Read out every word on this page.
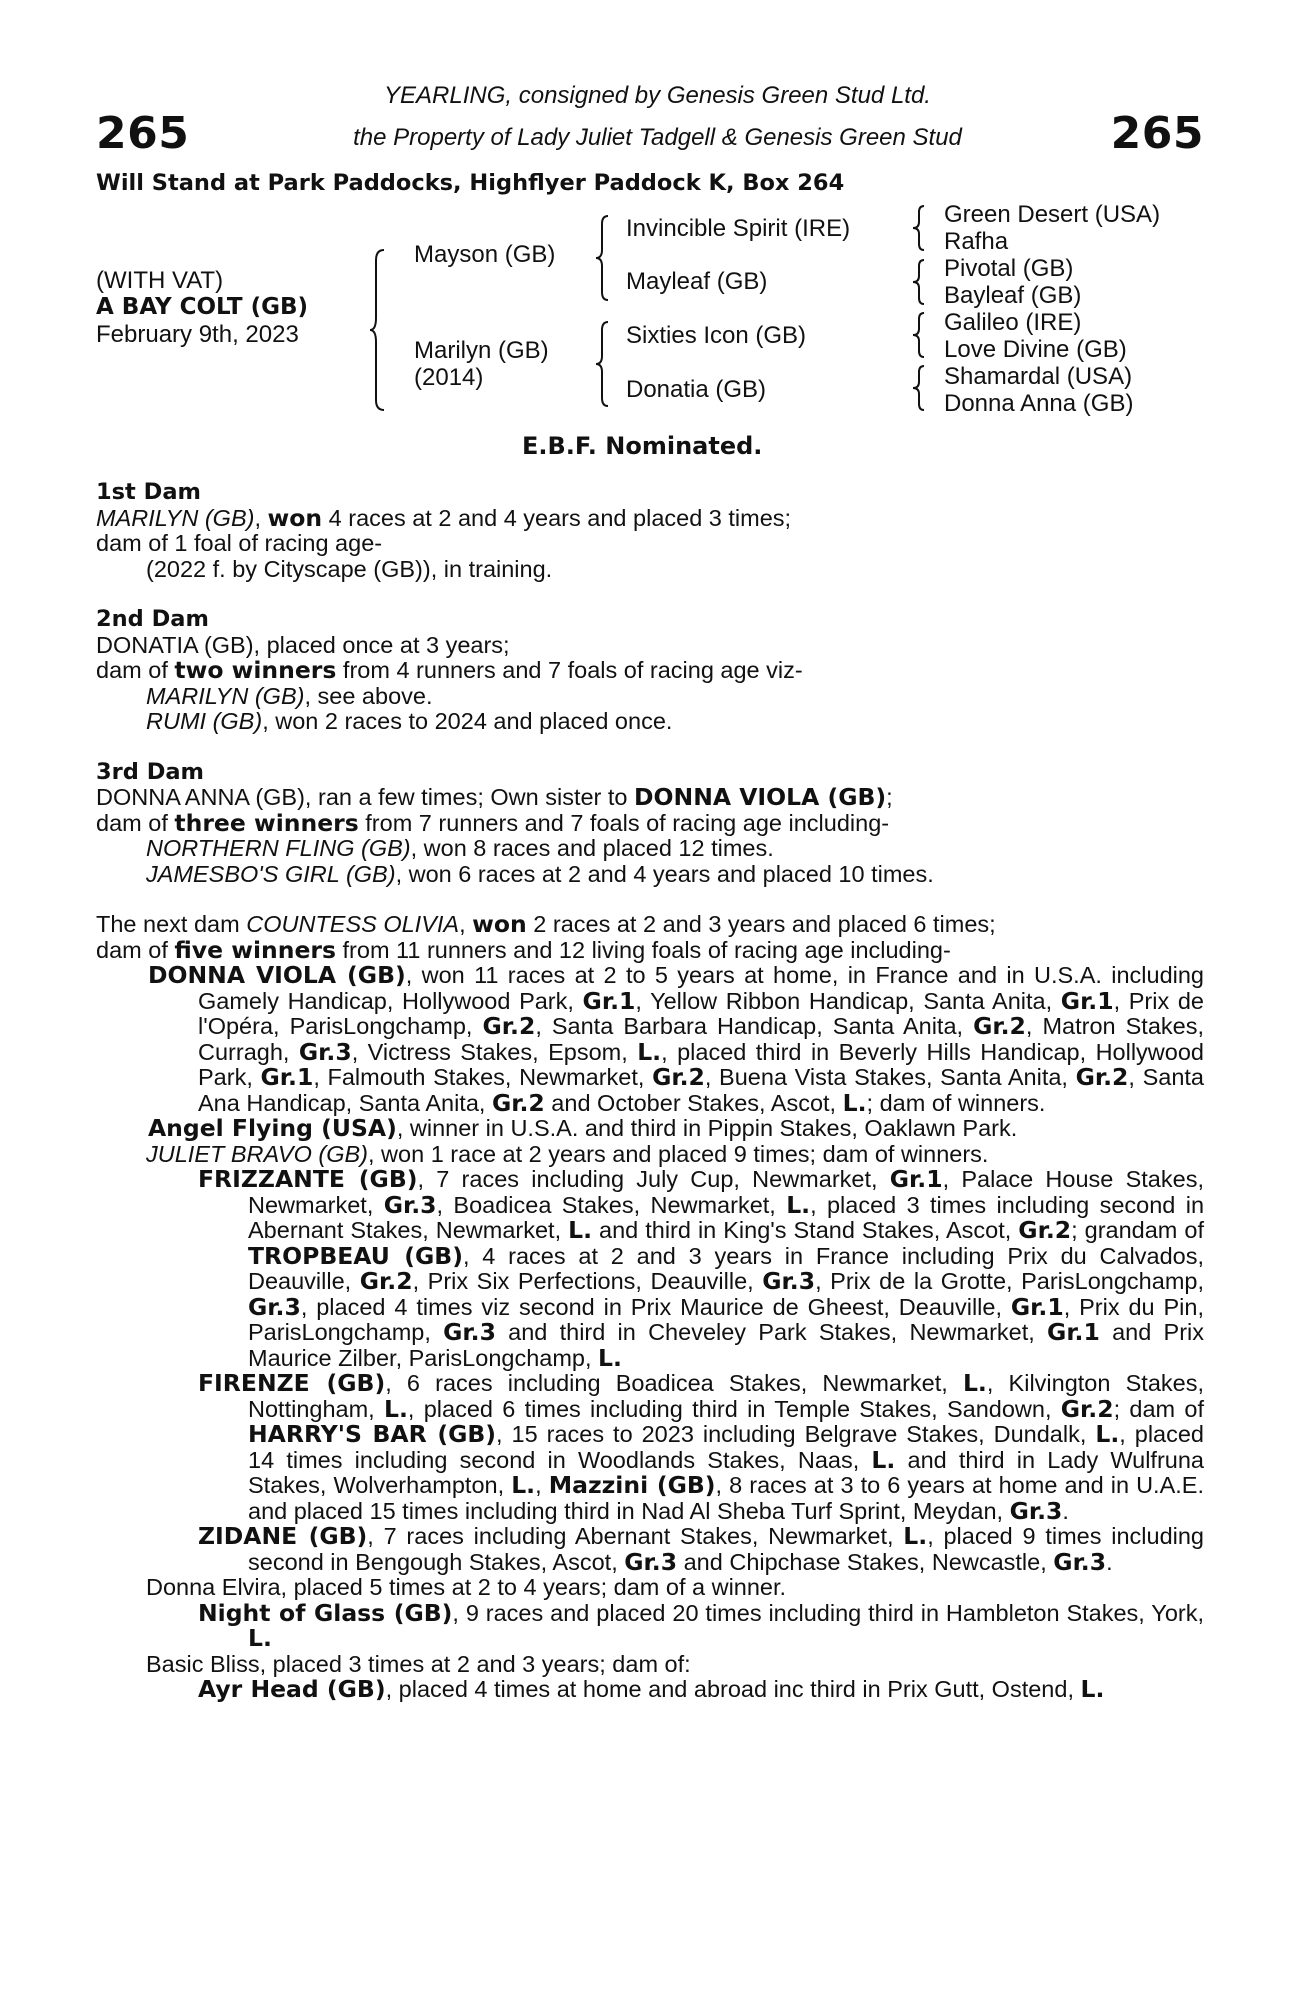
265	265
YEARLING, consigned by Genesis Green Stud Ltd.
the Property of Lady Juliet Tadgell & Genesis Green Stud
Will Stand at Park Paddocks, Highflyer Paddock K, Box 264
(WITH VAT)
A BAY COLT (GB)
February 9th, 2023
Mayson (GB)
Marilyn (GB)
(2014)
Invincible Spirit (IRE)
Mayleaf (GB)
Sixties Icon (GB)
Donatia (GB)
Green Desert (USA)
Rafha
Pivotal (GB)
Bayleaf (GB)
Galileo (IRE)
Love Divine (GB)
Shamardal (USA)
Donna Anna (GB)
E.B.F. Nominated.
1st Dam
MARILYN (GB), won 4 races at 2 and 4 years and placed 3 times;
dam of 1 foal of racing age-
(2022 f. by Cityscape (GB)), in training.
2nd Dam
DONATIA (GB), placed once at 3 years;
dam of two winners from 4 runners and 7 foals of racing age viz-
MARILYN (GB), see above.
RUMI (GB), won 2 races to 2024 and placed once.
3rd Dam
DONNA ANNA (GB), ran a few times; Own sister to DONNA VIOLA (GB);
dam of three winners from 7 runners and 7 foals of racing age including-
NORTHERN FLING (GB), won 8 races and placed 12 times.
JAMESBO'S GIRL (GB), won 6 races at 2 and 4 years and placed 10 times.
The next dam COUNTESS OLIVIA, won 2 races at 2 and 3 years and placed 6 times;
dam of five winners from 11 runners and 12 living foals of racing age including-
DONNA VIOLA (GB), won 11 races at 2 to 5 years at home, in France and in U.S.A. including Gamely Handicap, Hollywood Park, Gr.1, Yellow Ribbon Handicap, Santa Anita, Gr.1, Prix de l'Opéra, ParisLongchamp, Gr.2, Santa Barbara Handicap, Santa Anita, Gr.2, Matron Stakes, Curragh, Gr.3, Victress Stakes, Epsom, L., placed third in Beverly Hills Handicap, Hollywood Park, Gr.1, Falmouth Stakes, Newmarket, Gr.2, Buena Vista Stakes, Santa Anita, Gr.2, Santa Ana Handicap, Santa Anita, Gr.2 and October Stakes, Ascot, L.; dam of winners.
Angel Flying (USA), winner in U.S.A. and third in Pippin Stakes, Oaklawn Park.
JULIET BRAVO (GB), won 1 race at 2 years and placed 9 times; dam of winners.
FRIZZANTE (GB), 7 races including July Cup, Newmarket, Gr.1, Palace House Stakes, Newmarket, Gr.3, Boadicea Stakes, Newmarket, L., placed 3 times including second in Abernant Stakes, Newmarket, L. and third in King's Stand Stakes, Ascot, Gr.2; grandam of TROPBEAU (GB), 4 races at 2 and 3 years in France including Prix du Calvados, Deauville, Gr.2, Prix Six Perfections, Deauville, Gr.3, Prix de la Grotte, ParisLongchamp, Gr.3, placed 4 times viz second in Prix Maurice de Gheest, Deauville, Gr.1, Prix du Pin, ParisLongchamp, Gr.3 and third in Cheveley Park Stakes, Newmarket, Gr.1 and Prix Maurice Zilber, ParisLongchamp, L.
FIRENZE (GB), 6 races including Boadicea Stakes, Newmarket, L., Kilvington Stakes, Nottingham, L., placed 6 times including third in Temple Stakes, Sandown, Gr.2; dam of HARRY'S BAR (GB), 15 races to 2023 including Belgrave Stakes, Dundalk, L., placed 14 times including second in Woodlands Stakes, Naas, L. and third in Lady Wulfruna Stakes, Wolverhampton, L., Mazzini (GB), 8 races at 3 to 6 years at home and in U.A.E. and placed 15 times including third in Nad Al Sheba Turf Sprint, Meydan, Gr.3.
ZIDANE (GB), 7 races including Abernant Stakes, Newmarket, L., placed 9 times including second in Bengough Stakes, Ascot, Gr.3 and Chipchase Stakes, Newcastle, Gr.3.
Donna Elvira, placed 5 times at 2 to 4 years; dam of a winner.
Night of Glass (GB), 9 races and placed 20 times including third in Hambleton Stakes, York, L.
Basic Bliss, placed 3 times at 2 and 3 years; dam of:
Ayr Head (GB), placed 4 times at home and abroad inc third in Prix Gutt, Ostend, L.
